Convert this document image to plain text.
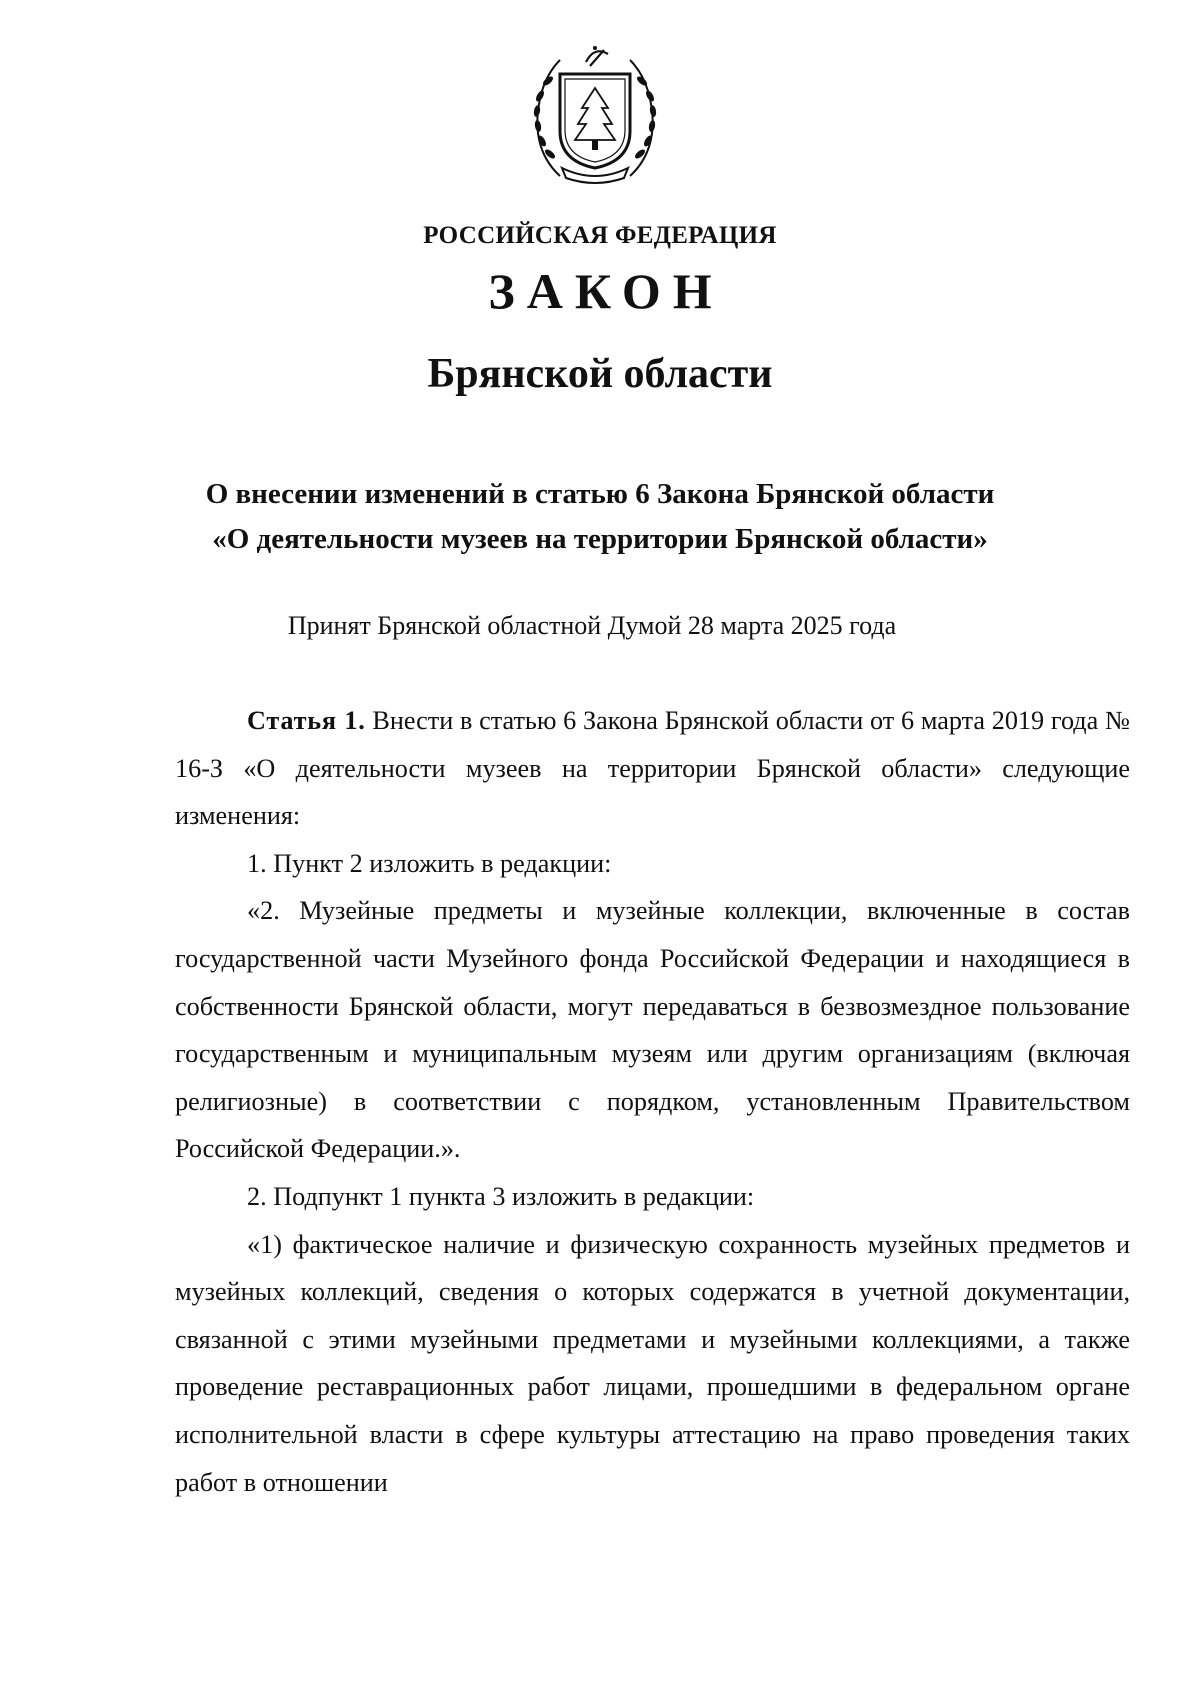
РОССИЙСКАЯ ФЕДЕРАЦИЯ
ЗАКОН
Брянской области
О внесении изменений в статью 6 Закона Брянской области
«О деятельности музеев на территории Брянской области»
Принят Брянской областной Думой 28 марта 2025 года

Статья 1. Внести в статью 6 Закона Брянской области от 6 марта 2019 года № 16-З «О деятельности музеев на территории Брянской области» следующие изменения:

1. Пункт 2 изложить в редакции:

«2. Музейные предметы и музейные коллекции, включенные в состав государственной части Музейного фонда Российской Федерации и находящиеся в собственности Брянской области, могут передаваться в безвозмездное пользование государственным и муниципальным музеям или другим организациям (включая религиозные) в соответствии с порядком, установленным Правительством Российской Федерации.».

2. Подпункт 1 пункта 3 изложить в редакции:

«1) фактическое наличие и физическую сохранность музейных предметов и музейных коллекций, сведения о которых содержатся в учетной документации, связанной с этими музейными предметами и музейными коллекциями, а также проведение реставрационных работ лицами, прошедшими в федеральном органе исполнительной власти в сфере культуры аттестацию на право проведения таких работ в отношении
